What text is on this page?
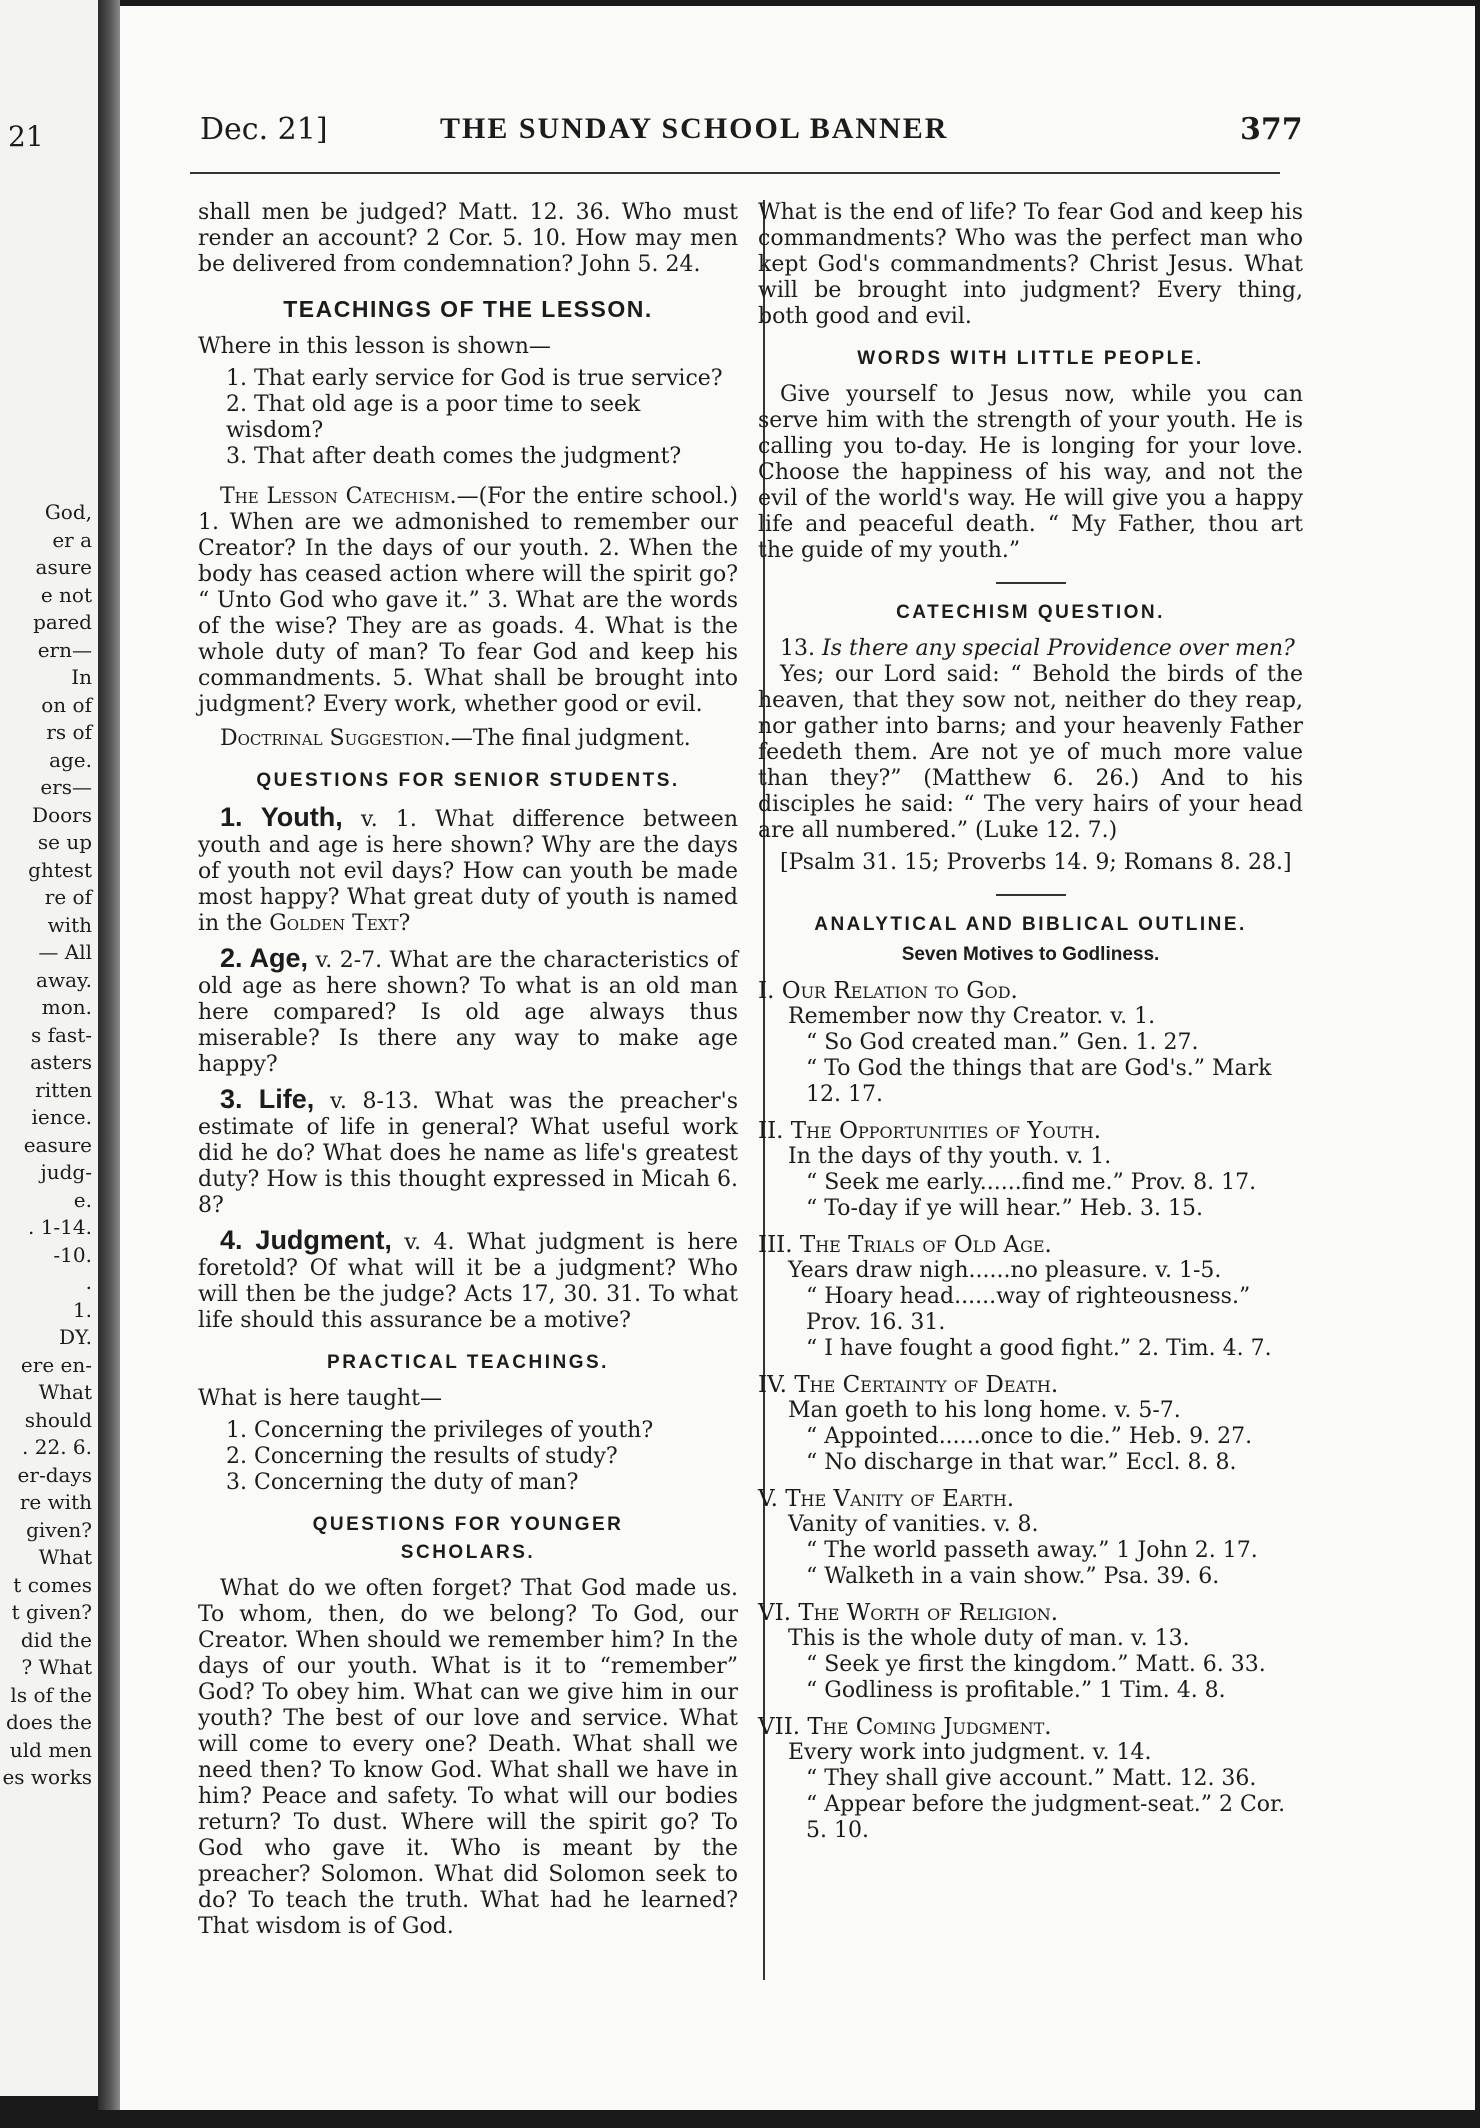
21
God,
er a
asure
e not
pared
ern—
In
on of
rs of
age.
ers—
Doors
se up
ghtest
re of
with
— All
away.
mon.
s fast-
asters
ritten
ience.
easure
judg-
e.
. 1-14.
-10.
.
1.
DY.
ere en-
What
should
. 22. 6.
er-days
re with
given?
What
t comes
t given?
did the
? What
ls of the
does the
uld men
es works
Dec. 21]	THE SUNDAY SCHOOL BANNER	377

shall men be judged? Matt. 12. 36. Who must render an account? 2 Cor. 5. 10. How may men be delivered from condemnation? John 5. 24.

TEACHINGS OF THE LESSON.

Where in this lesson is shown—

1. That early service for God is true service?
2. That old age is a poor time to seek wisdom?
3. That after death comes the judgment?

The Lesson Catechism.—(For the entire school.) 1. When are we admonished to remember our Creator? In the days of our youth. 2. When the body has ceased action where will the spirit go? “ Unto God who gave it.” 3. What are the words of the wise? They are as goads. 4. What is the whole duty of man? To fear God and keep his commandments. 5. What shall be brought into judgment? Every work, whether good or evil.

Doctrinal Suggestion.—The final judgment.

QUESTIONS FOR SENIOR STUDENTS.

1. Youth, v. 1. What difference between youth and age is here shown? Why are the days of youth not evil days? How can youth be made most happy? What great duty of youth is named in the Golden Text?

2. Age, v. 2-7. What are the characteristics of old age as here shown? To what is an old man here compared? Is old age always thus miserable? Is there any way to make age happy?

3. Life, v. 8-13. What was the preacher's estimate of life in general? What useful work did he do? What does he name as life's greatest duty? How is this thought expressed in Micah 6. 8?

4. Judgment, v. 4. What judgment is here foretold? Of what will it be a judgment? Who will then be the judge? Acts 17, 30. 31. To what life should this assurance be a motive?

PRACTICAL TEACHINGS.

What is here taught—

1. Concerning the privileges of youth?
2. Concerning the results of study?
3. Concerning the duty of man?
QUESTIONS FOR YOUNGER
SCHOLARS.

What do we often forget? That God made us. To whom, then, do we belong? To God, our Creator. When should we remember him? In the days of our youth. What is it to “remember” God? To obey him. What can we give him in our youth? The best of our love and service. What will come to every one? Death. What shall we need then? To know God. What shall we have in him? Peace and safety. To what will our bodies return? To dust. Where will the spirit go? To God who gave it. Who is meant by the preacher? Solomon. What did Solomon seek to do? To teach the truth. What had he learned? That wisdom is of God.

What is the end of life? To fear God and keep his commandments? Who was the perfect man who kept God's commandments? Christ Jesus. What will be brought into judgment? Every thing, both good and evil.

WORDS WITH LITTLE PEOPLE.

Give yourself to Jesus now, while you can serve him with the strength of your youth. He is calling you to-day. He is longing for your love. Choose the happiness of his way, and not the evil of the world's way. He will give you a happy life and peaceful death. “ My Father, thou art the guide of my youth.”

CATECHISM QUESTION.

13. Is there any special Providence over men?

Yes; our Lord said: “ Behold the birds of the heaven, that they sow not, neither do they reap, nor gather into barns; and your heavenly Father feedeth them. Are not ye of much more value than they?” (Matthew 6. 26.) And to his disciples he said: “ The very hairs of your head are all numbered.” (Luke 12. 7.)

[Psalm 31. 15; Proverbs 14. 9; Romans 8. 28.]

ANALYTICAL AND BIBLICAL OUTLINE.
Seven Motives to Godliness.
I. Our Relation to God.
Remember now thy Creator. v. 1.
“ So God created man.” Gen. 1. 27.
“ To God the things that are God's.” Mark 12. 17.
II. The Opportunities of Youth.
In the days of thy youth. v. 1.
“ Seek me early......find me.” Prov. 8. 17.
“ To-day if ye will hear.” Heb. 3. 15.
III. The Trials of Old Age.
Years draw nigh......no pleasure. v. 1-5.
“ Hoary head......way of righteousness.” Prov. 16. 31.
“ I have fought a good fight.” 2. Tim. 4. 7.
IV. The Certainty of Death.
Man goeth to his long home. v. 5-7.
“ Appointed......once to die.” Heb. 9. 27.
“ No discharge in that war.” Eccl. 8. 8.
V. The Vanity of Earth.
Vanity of vanities. v. 8.
“ The world passeth away.” 1 John 2. 17.
“ Walketh in a vain show.” Psa. 39. 6.
VI. The Worth of Religion.
This is the whole duty of man. v. 13.
“ Seek ye first the kingdom.” Matt. 6. 33.
“ Godliness is profitable.” 1 Tim. 4. 8.
VII. The Coming Judgment.
Every work into judgment. v. 14.
“ They shall give account.” Matt. 12. 36.
“ Appear before the judgment-seat.” 2 Cor. 5. 10.
